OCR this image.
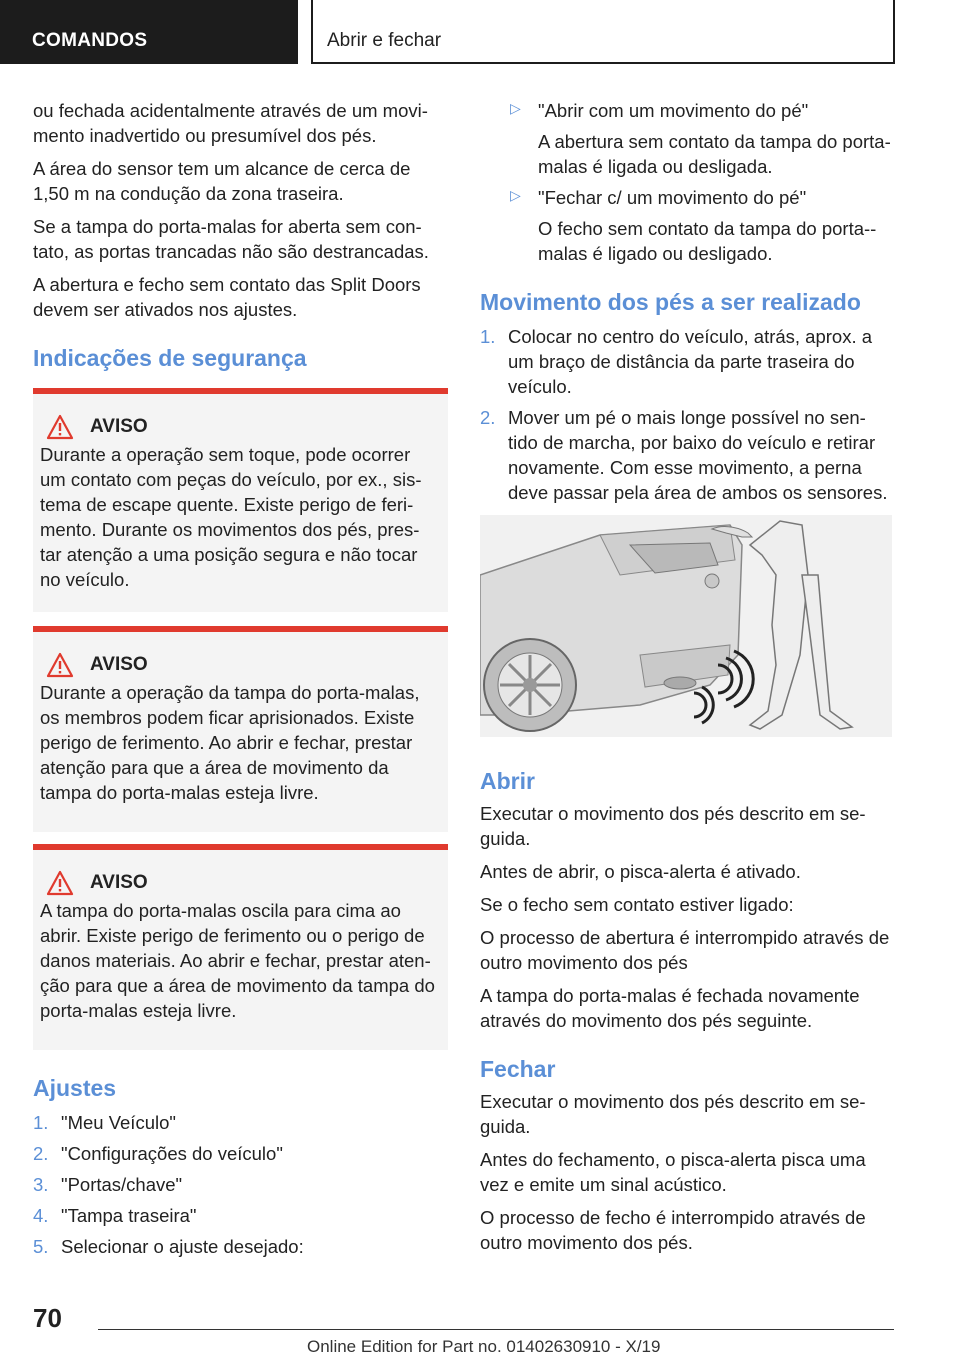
COMANDOS	Abrir e fechar

ou fechada acidentalmente através de um movi‐mento inadvertido ou presumível dos pés.

A área do sensor tem um alcance de cerca de 1,50 m na condução da zona traseira.

Se a tampa do porta-malas for aberta sem con‐tato, as portas trancadas não são destrancadas.

A abertura e fecho sem contato das Split Doors devem ser ativados nos ajustes.

Indicações de segurança
AVISO

Durante a operação sem toque, pode ocorrer um contato com peças do veículo, por ex., sis‐tema de escape quente. Existe perigo de feri‐mento. Durante os movimentos dos pés, pres‐tar atenção a uma posição segura e não tocar no veículo.

AVISO

Durante a operação da tampa do porta-malas, os membros podem ficar aprisionados. Existe perigo de ferimento. Ao abrir e fechar, prestar atenção para que a área de movimento da tampa do porta-malas esteja livre.

AVISO

A tampa do porta-malas oscila para cima ao abrir. Existe perigo de ferimento ou o perigo de danos materiais. Ao abrir e fechar, prestar aten‐ção para que a área de movimento da tampa do porta-malas esteja livre.

Ajustes
1. "Meu Veículo"
2. "Configurações do veículo"
3. "Portas/chave"
4. "Tampa traseira"
5. Selecionar o ajuste desejado:
▷ "Abrir com um movimento do pé"

A abertura sem contato da tampa do porta-malas é ligada ou desligada.

▷ "Fechar c/ um movimento do pé"

O fecho sem contato da tampa do porta‐-malas é ligado ou desligado.

Movimento dos pés a ser realizado
1. Colocar no centro do veículo, atrás, aprox. a um braço de distância da parte traseira do veículo.
2. Mover um pé o mais longe possível no sen‐tido de marcha, por baixo do veículo e retirar novamente. Com esse movimento, a perna deve passar pela área de ambos os sensores.
Abrir

Executar o movimento dos pés descrito em se‐guida.

Antes de abrir, o pisca-alerta é ativado.

Se o fecho sem contato estiver ligado:

O processo de abertura é interrompido através de outro movimento dos pés

A tampa do porta-malas é fechada novamente através do movimento dos pés seguinte.

Fechar

Executar o movimento dos pés descrito em se‐guida.

Antes do fechamento, o pisca-alerta pisca uma vez e emite um sinal acústico.

O processo de fecho é interrompido através de outro movimento dos pés.

70
Online Edition for Part no. 01402630910 - X/19
